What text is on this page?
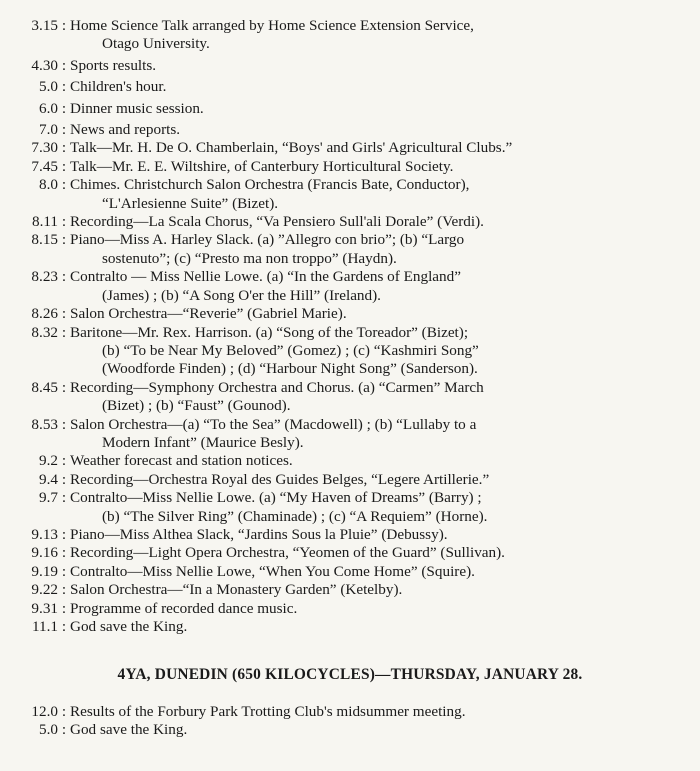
3.15 : Home Science Talk arranged by Home Science Extension Service,
Otago University.
4.30 : Sports results.
5.0 : Children's hour.
6.0 : Dinner music session.
7.0 : News and reports.
7.30 : Talk—Mr. H. De O. Chamberlain, “Boys' and Girls' Agricultural Clubs.”
7.45 : Talk—Mr. E. E. Wiltshire, of Canterbury Horticultural Society.
8.0 : Chimes. Christchurch Salon Orchestra (Francis Bate, Conductor),
“L'Arlesienne Suite” (Bizet).
8.11 : Recording—La Scala Chorus, “Va Pensiero Sull'ali Dorale” (Verdi).
8.15 : Piano—Miss A. Harley Slack. (a) ”Allegro con brio”; (b) “Largo
sostenuto”; (c) “Presto ma non troppo” (Haydn).
8.23 : Contralto — Miss Nellie Lowe. (a) “In the Gardens of England”
(James) ; (b) “A Song O'er the Hill” (Ireland).
8.26 : Salon Orchestra—“Reverie” (Gabriel Marie).
8.32 : Baritone—Mr. Rex. Harrison. (a) “Song of the Toreador” (Bizet);
(b) “To be Near My Beloved” (Gomez) ; (c) “Kashmiri Song”
(Woodforde Finden) ; (d) “Harbour Night Song” (Sanderson).
8.45 : Recording—Symphony Orchestra and Chorus. (a) “Carmen” March
(Bizet) ; (b) “Faust” (Gounod).
8.53 : Salon Orchestra—(a) “To the Sea” (Macdowell) ; (b) “Lullaby to a
Modern Infant” (Maurice Besly).
9.2 : Weather forecast and station notices.
9.4 : Recording—Orchestra Royal des Guides Belges, “Legere Artillerie.”
9.7 : Contralto—Miss Nellie Lowe. (a) “My Haven of Dreams” (Barry) ;
(b) “The Silver Ring” (Chaminade) ; (c) “A Requiem” (Horne).
9.13 : Piano—Miss Althea Slack, “Jardins Sous la Pluie” (Debussy).
9.16 : Recording—Light Opera Orchestra, “Yeomen of the Guard” (Sullivan).
9.19 : Contralto—Miss Nellie Lowe, “When You Come Home” (Squire).
9.22 : Salon Orchestra—“In a Monastery Garden” (Ketelby).
9.31 : Programme of recorded dance music.
11.1 : God save the King.
4YA, DUNEDIN (650 KILOCYCLES)—THURSDAY, JANUARY 28.
12.0 : Results of the Forbury Park Trotting Club's midsummer meeting.
5.0 : God save the King.
